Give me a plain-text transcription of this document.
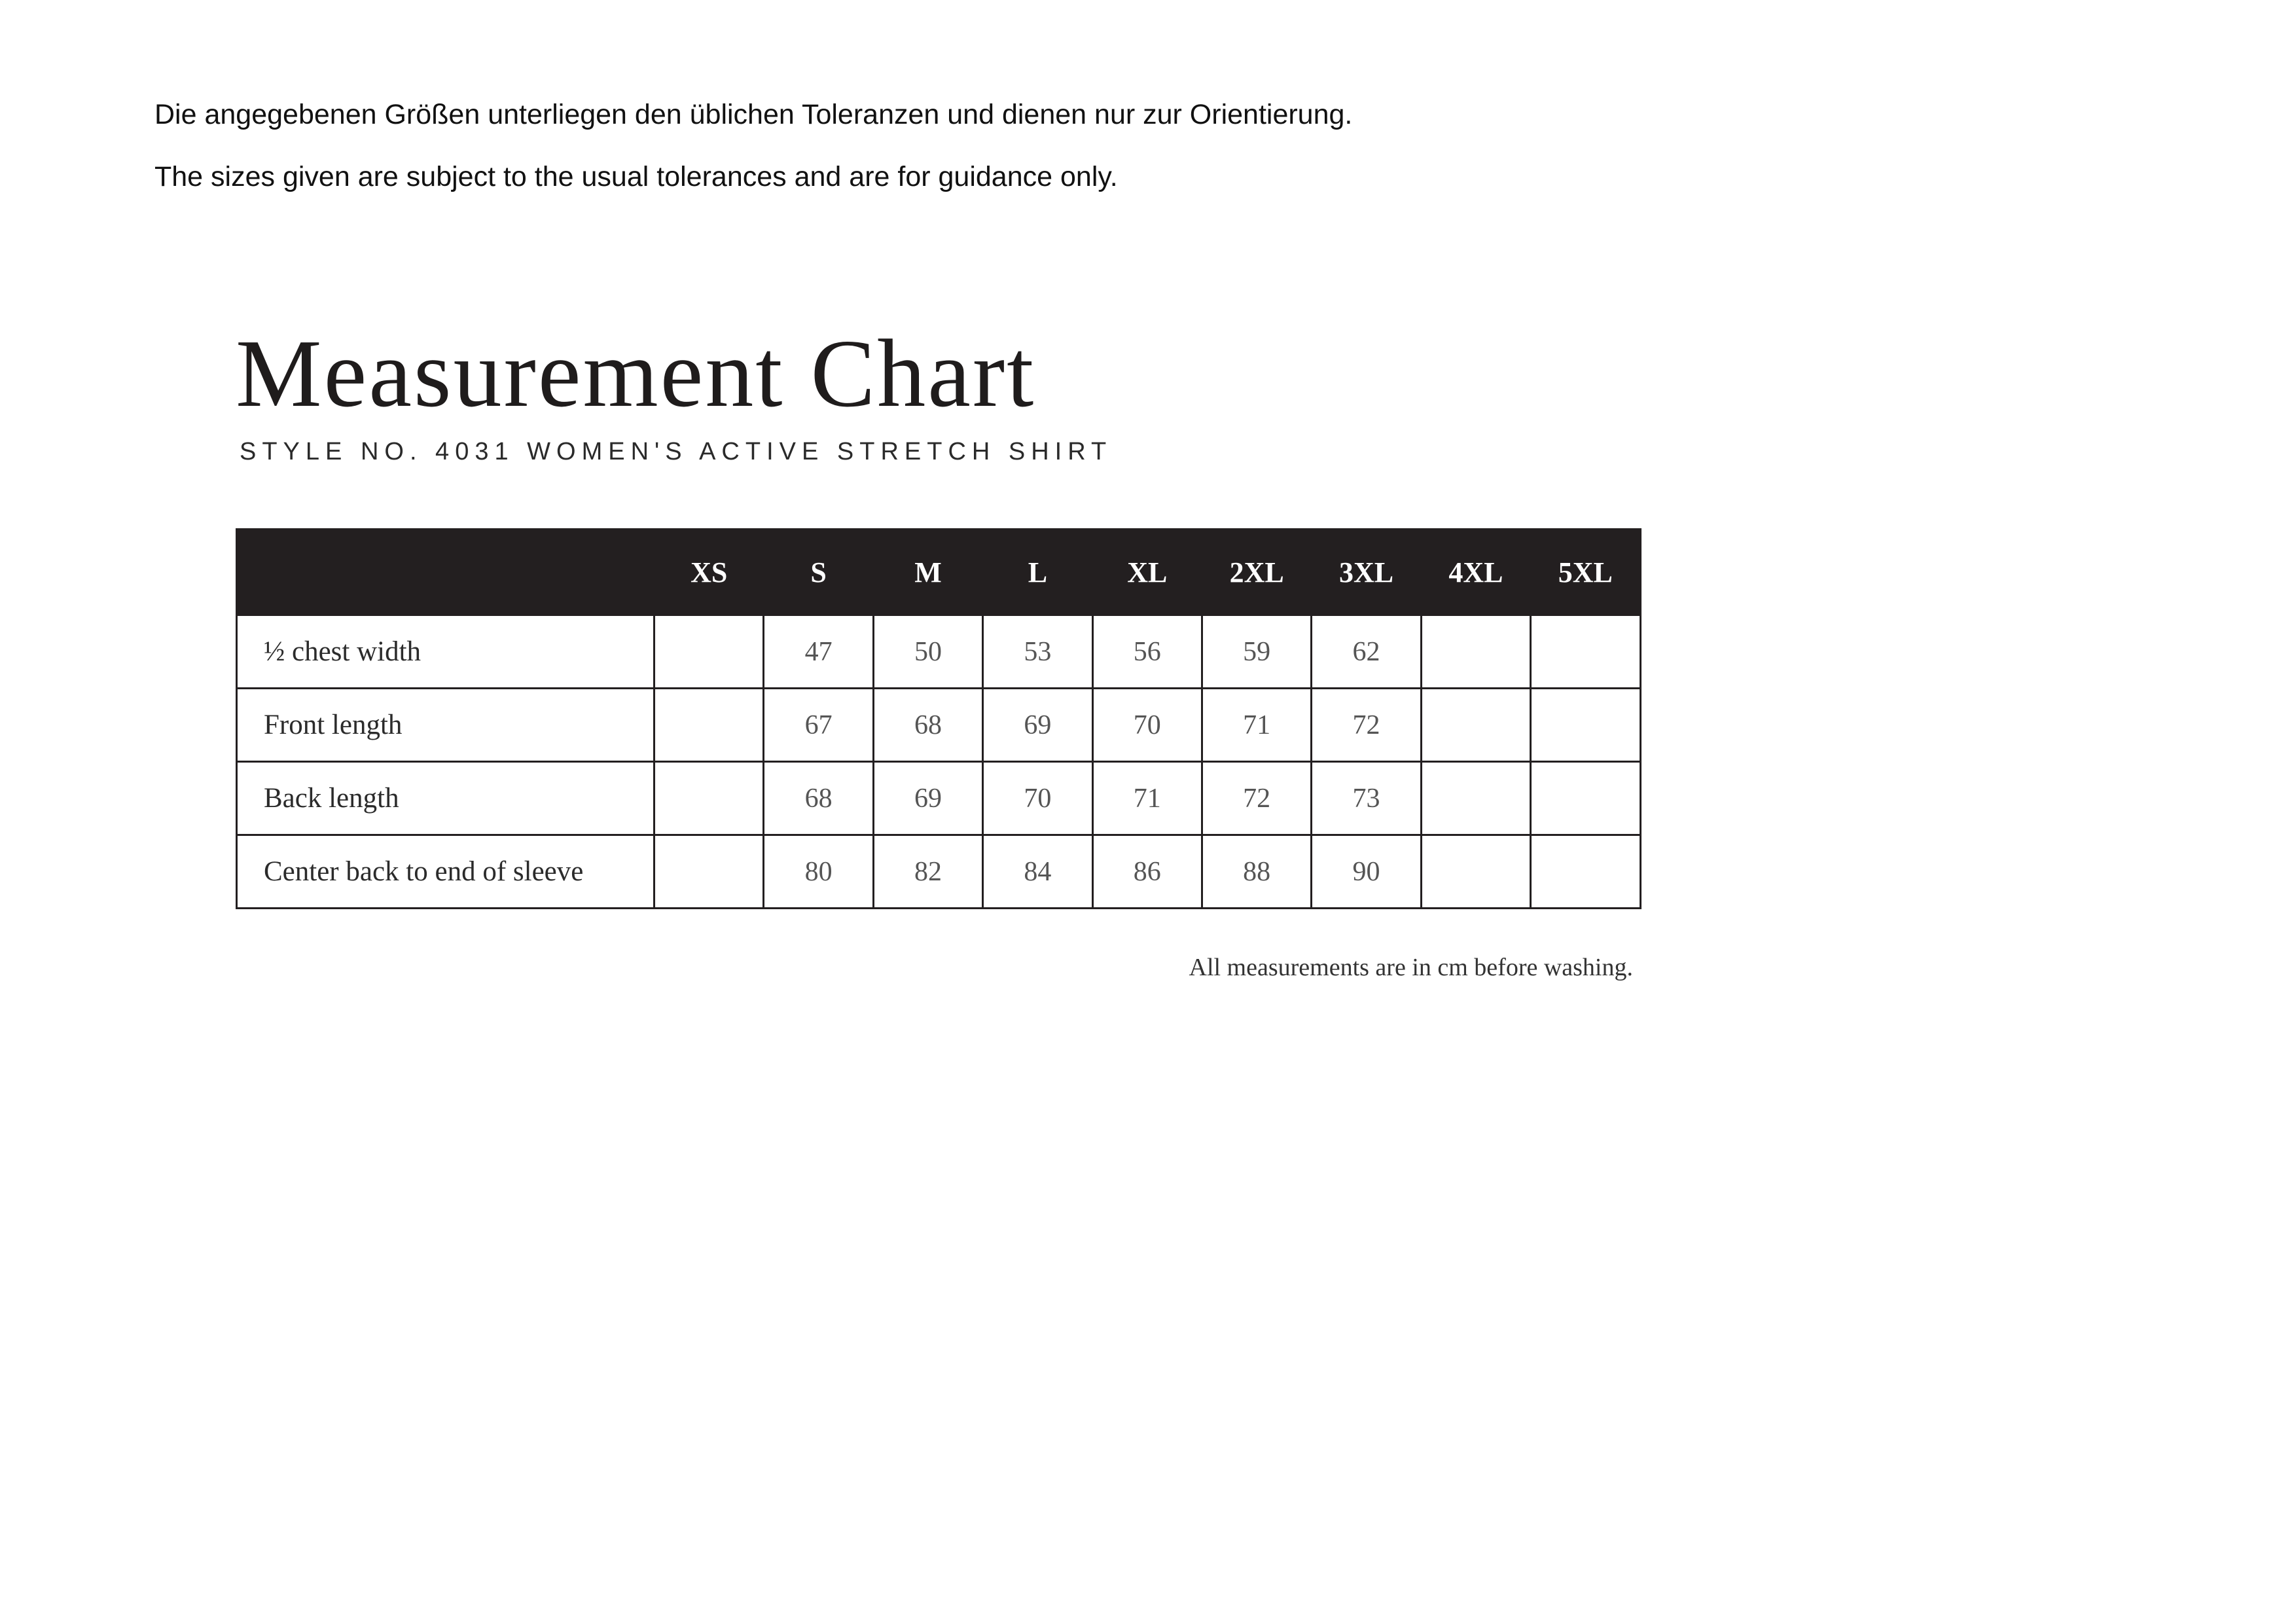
Die angegebenen Größen unterliegen den üblichen Toleranzen und dienen nur zur Orientierung.
The sizes given are subject to the usual tolerances and are for guidance only.
Measurement Chart
STYLE NO. 4031 WOMEN'S ACTIVE STRETCH SHIRT
	XS	S	M	L	XL	2XL	3XL	4XL	5XL
½ chest width		47	50	53	56	59	62		
Front length		67	68	69	70	71	72		
Back length		68	69	70	71	72	73		
Center back to end of sleeve		80	82	84	86	88	90		
All measurements are in cm before washing.
